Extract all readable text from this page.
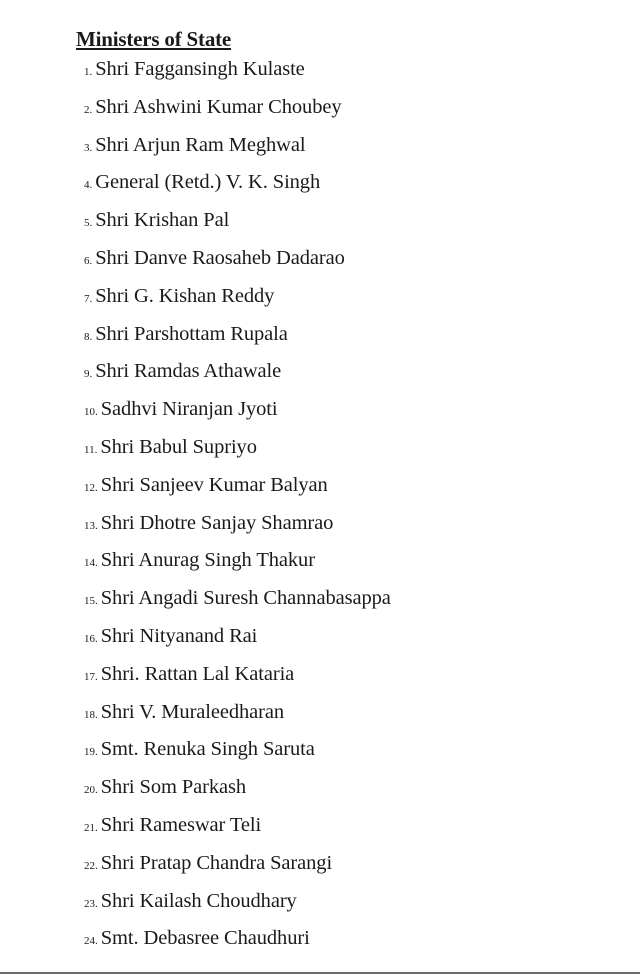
Ministers of State
1. Shri Faggansingh Kulaste
2. Shri Ashwini Kumar Choubey
3. Shri Arjun Ram Meghwal
4. General (Retd.) V. K. Singh
5. Shri Krishan Pal
6. Shri Danve Raosaheb Dadarao
7. Shri G. Kishan Reddy
8. Shri Parshottam Rupala
9. Shri Ramdas Athawale
10. Sadhvi Niranjan Jyoti
11. Shri Babul Supriyo
12. Shri Sanjeev Kumar Balyan
13. Shri Dhotre Sanjay Shamrao
14. Shri Anurag Singh Thakur
15. Shri Angadi Suresh Channabasappa
16. Shri Nityanand Rai
17. Shri. Rattan Lal Kataria
18. Shri V. Muraleedharan
19. Smt. Renuka Singh Saruta
20. Shri Som Parkash
21. Shri Rameswar Teli
22. Shri Pratap Chandra Sarangi
23. Shri Kailash Choudhary
24. Smt. Debasree Chaudhuri
